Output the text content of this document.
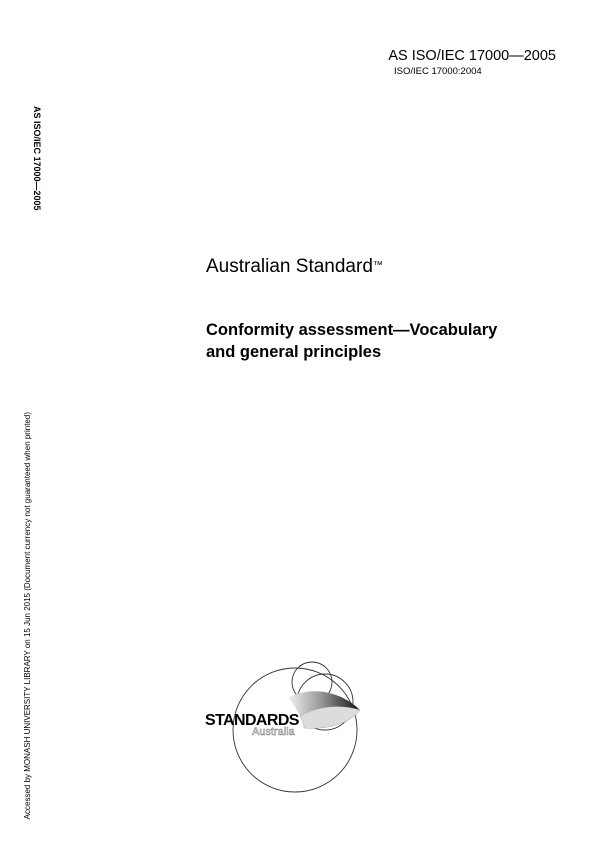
AS ISO/IEC 17000—2005
ISO/IEC 17000:2004
AS ISO/IEC 17000—2005
Accessed by MONASH UNIVERSITY LIBRARY on 15 Jun 2015 (Document currency not guaranteed when printed)
Australian Standard™
Conformity assessment—Vocabulary
and general principles
STANDARDS
Australia
